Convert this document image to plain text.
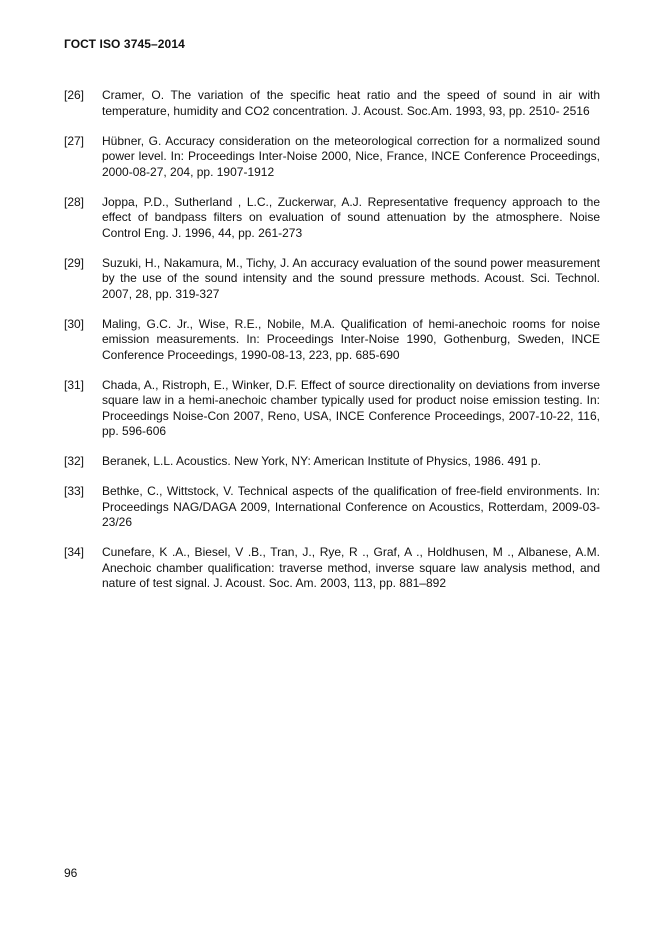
ГОСТ ISO 3745–2014
[26]	Cramer, O. The variation of the specific heat ratio and the speed of sound in air with temperature, humidity and CO2 concentration. J. Acoust. Soc.Am. 1993, 93, pp. 2510‑ 2516
[27]	Hübner, G. Accuracy consideration on the meteorological correction for a normalized sound power level. In: Proceedings Inter-Noise 2000, Nice, France, INCE Conference Proceedings, 2000-08-27, 204, pp. 1907-1912
[28]	Joppa, P.D., Sutherland , L.C., Zuckerwar, A.J. Representative frequency approach to the effect of bandpass filters on evaluation of sound attenuation by the atmosphere. Noise Control Eng. J. 1996, 44, pp. 261-273
[29]	Suzuki, H., Nakamura, M., Tichy, J. An accuracy evaluation of the sound power measurement by the use of the sound intensity and the sound pressure methods. Acoust. Sci. Technol. 2007, 28, pp. 319-327
[30]	Maling, G.C. Jr., Wise, R.E., Nobile, M.A. Qualification of hemi-anechoic rooms for noise emission measurements. In: Proceedings Inter-Noise 1990, Gothenburg, Sweden, INCE Conference Proceedings, 1990-08-13, 223, pp. 685-690
[31]	Chada, A., Ristroph, E., Winker, D.F. Effect of source directionality on deviations from inverse square law in a hemi-anechoic chamber typically used for product noise emission testing. In: Proceedings Noise-Con 2007, Reno, USA, INCE Conference Proceedings, 2007-10-22, 116, pp. 596-606
[32]	Beranek, L.L. Acoustics. New York, NY: American Institute of Physics, 1986. 491 p.
[33]	Bethke, C., Wittstock, V. Technical aspects of the qualification of free-field environments. In: Proceedings NAG/DAGA 2009, International Conference on Acoustics, Rotterdam, 2009-03-23/26
[34]	Cunefare, K .A., Biesel, V .B., Tran, J., Rye, R ., Graf, A ., Holdhusen, M ., Albanese, A.M. Anechoic chamber qualification: traverse method, inverse square law analysis method, and nature of test signal. J. Acoust. Soc. Am. 2003, 113, pp. 881–892
96
